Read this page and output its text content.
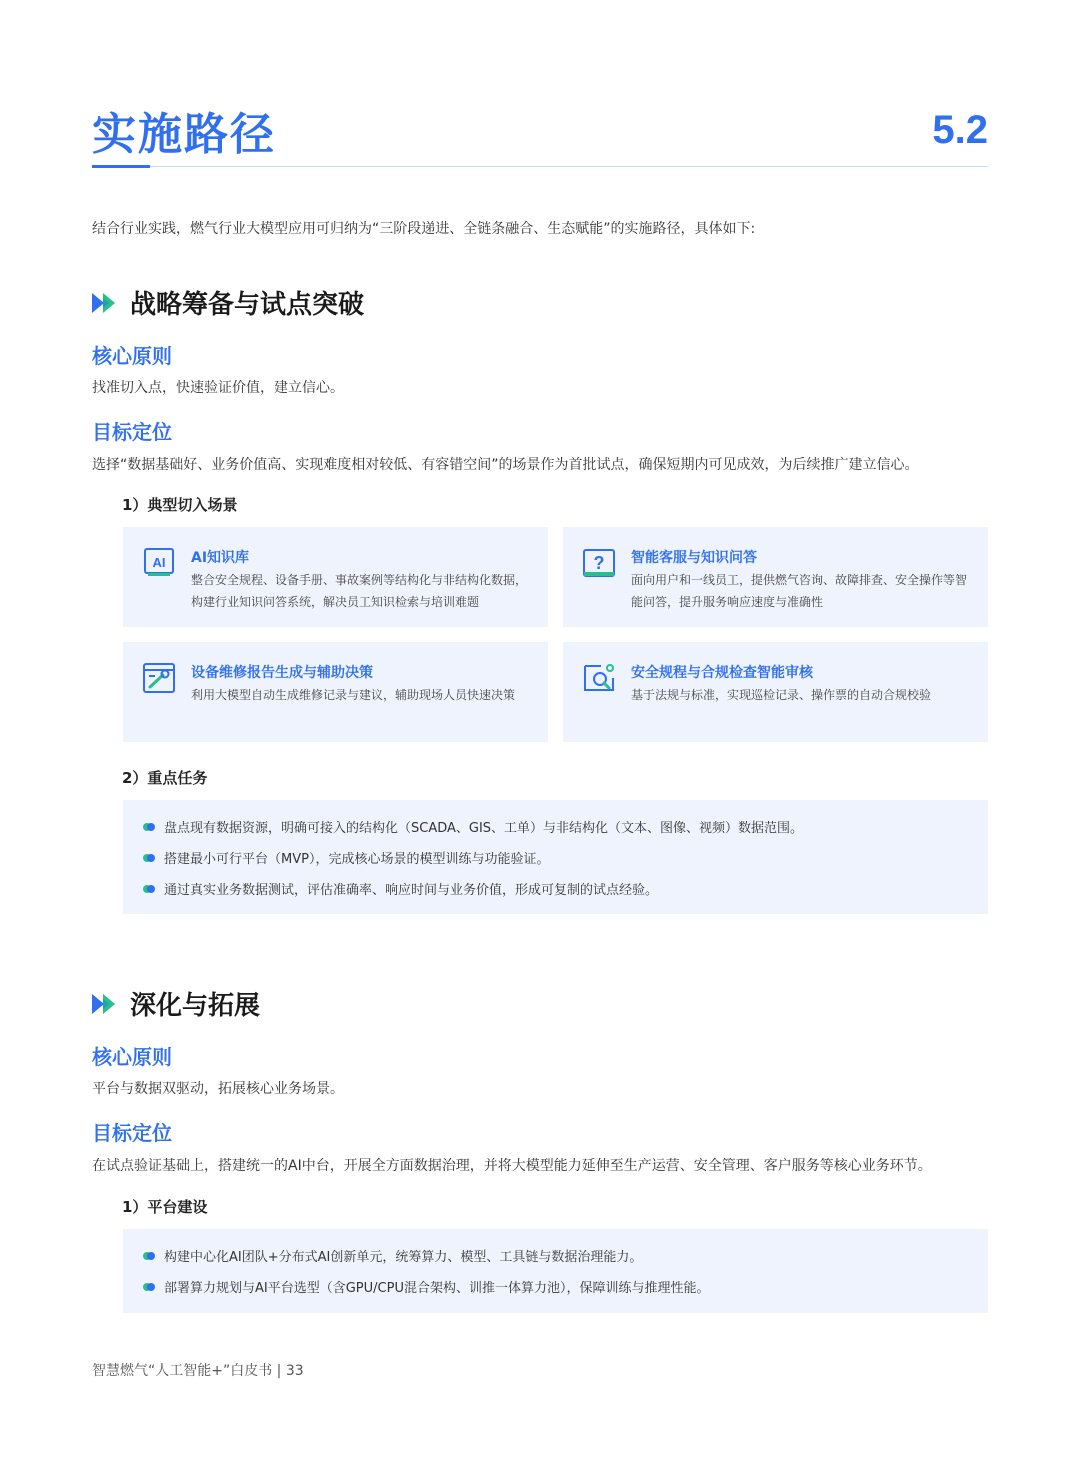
实施路径	5.2
结合行业实践，燃气行业大模型应用可归纳为“三阶段递进、全链条融合、生态赋能”的实施路径，具体如下:
战略筹备与试点突破
核心原则
找准切入点，快速验证价值，建立信心。
目标定位
选择“数据基础好、业务价值高、实现难度相对较低、有容错空间”的场景作为首批试点，确保短期内可见成效，为后续推广建立信心。
1）典型切入场景
AI AI知识库
整合安全规程、设备手册、事故案例等结构化与非结构化数据，构建行业知识问答系统，解决员工知识检索与培训难题
? 智能客服与知识问答
面向用户和一线员工，提供燃气咨询、故障排查、安全操作等智能问答，提升服务响应速度与准确性
设备维修报告生成与辅助决策
利用大模型自动生成维修记录与建议，辅助现场人员快速决策
安全规程与合规检查智能审核
基于法规与标准，实现巡检记录、操作票的自动合规校验
2）重点任务
盘点现有数据资源，明确可接入的结构化（SCADA、GIS、工单）与非结构化（文本、图像、视频）数据范围。
搭建最小可行平台（MVP），完成核心场景的模型训练与功能验证。
通过真实业务数据测试，评估准确率、响应时间与业务价值，形成可复制的试点经验。
深化与拓展
核心原则
平台与数据双驱动，拓展核心业务场景。
目标定位
在试点验证基础上，搭建统一的AI中台，开展全方面数据治理，并将大模型能力延伸至生产运营、安全管理、客户服务等核心业务环节。
1）平台建设
构建中心化AI团队+分布式AI创新单元，统筹算力、模型、工具链与数据治理能力。
部署算力规划与AI平台选型（含GPU/CPU混合架构、训推一体算力池），保障训练与推理性能。
智慧燃气“人工智能+”白皮书 | 33
